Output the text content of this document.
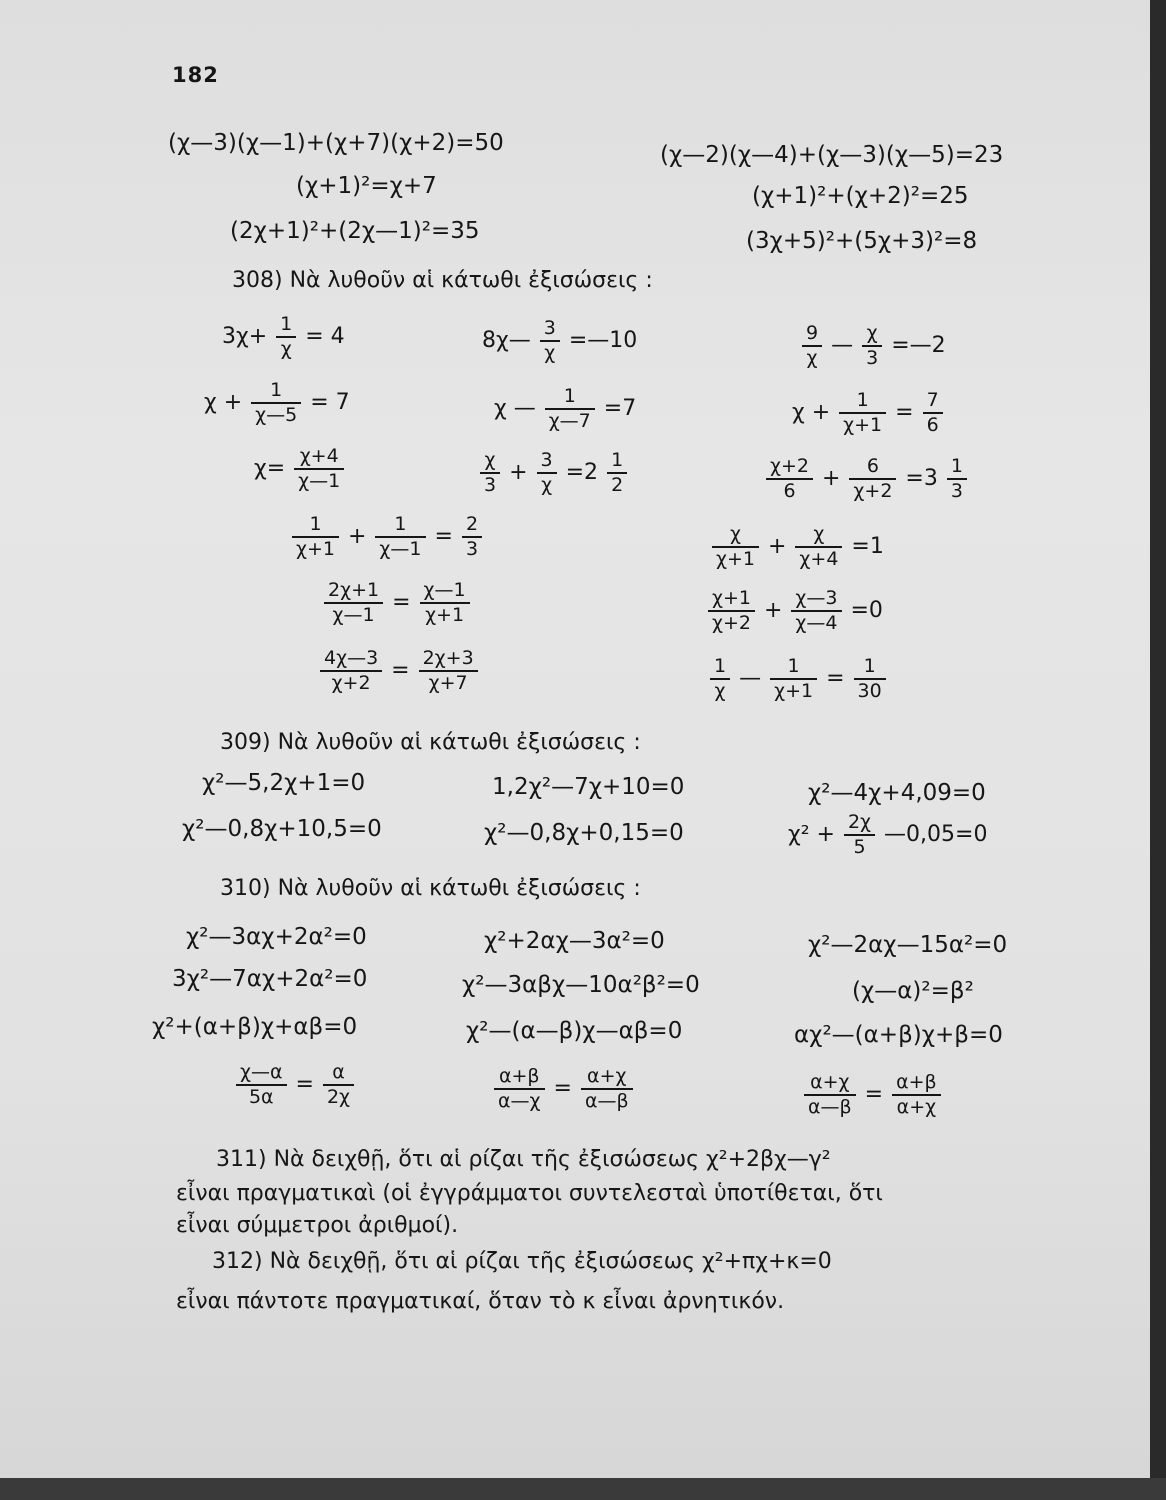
182
(χ—3)(χ—1)+(χ+7)(χ+2)=50	(χ—2)(χ—4)+(χ—3)(χ—5)=23
(χ+1)²=χ+7	(χ+1)²+(χ+2)²=25
(2χ+1)²+(2χ—1)²=35	(3χ+5)²+(5χ+3)²=8
308) Νὰ λυθοῦν αἱ κάτωθι ἐξισώσεις :
$3\chi+ \frac{1}{\chi} = 4$	8χ— $\frac{3}{\chi}$ =—10	$\frac{9}{\chi}$ — $\frac{\chi}{3}$ =—2
$\chi + \frac{1}{\chi—5} = 7$	χ — $\frac{1}{\chi—7} =7$	$\chi + \frac{1}{\chi+1} = \frac{7}{6}$
$\chi= \frac{\chi+4}{\chi—1}$	$\frac{\chi}{3} + \frac{3}{\chi} =2 \frac{1}{2}$	$\frac{\chi+2}{6} + \frac{6}{\chi+2} =3 \frac{1}{3}$
$\frac{1}{\chi+1} + \frac{1}{\chi—1} = \frac{2}{3}$	$\frac{\chi}{\chi+1} + \frac{\chi}{\chi+4} =1$
$\frac{2\chi+1}{\chi—1} = \frac{\chi—1}{\chi+1}$	$\frac{\chi+1}{\chi+2} + \frac{\chi—3}{\chi—4} =0$
$\frac{4\chi—3}{\chi+2} = \frac{2\chi+3}{\chi+7}$	$\frac{1}{\chi}$ — $\frac{1}{\chi+1} = \frac{1}{30}$
309) Νὰ λυθοῦν αἱ κάτωθι ἐξισώσεις :
χ²—5,2χ+1=0	1,2χ²—7χ+10=0	χ²—4χ+4,09=0
χ²—0,8χ+10,5=0	χ²—0,8χ+0,15=0	$\chi^2 + \frac{2\chi}{5}$ —0,05=0
310) Νὰ λυθοῦν αἱ κάτωθι ἐξισώσεις :
χ²—3αχ+2α²=0	χ²+2αχ—3α²=0	χ²—2αχ—15α²=0
3χ²—7αχ+2α²=0	χ²—3αβχ—10α²β²=0	(χ—α)²=β²
χ²+(α+β)χ+αβ=0	χ²—(α—β)χ—αβ=0	αχ²—(α+β)χ+β=0
$\frac{\chi—\alpha}{5\alpha} = \frac{\alpha}{2\chi}$	$\frac{\alpha+\beta}{\alpha—\chi} = \frac{\alpha+\chi}{\alpha—\beta}$	$\frac{\alpha+\chi}{\alpha—\beta} = \frac{\alpha+\beta}{\alpha+\chi}$
311) Νὰ δειχθῇ, ὅτι αἱ ρίζαι τῆς ἐξισώσεως χ²+2βχ—γ²
εἶναι πραγματικαὶ (οἱ ἐγγράμματοι συντελεσταὶ ὑποτίθεται, ὅτι
εἶναι σύμμετροι ἀριθμοί).
312) Νὰ δειχθῇ, ὅτι αἱ ρίζαι τῆς ἐξισώσεως χ²+πχ+κ=0
εἶναι πάντοτε πραγματικαί, ὅταν τὸ κ εἶναι ἀρνητικόν.
